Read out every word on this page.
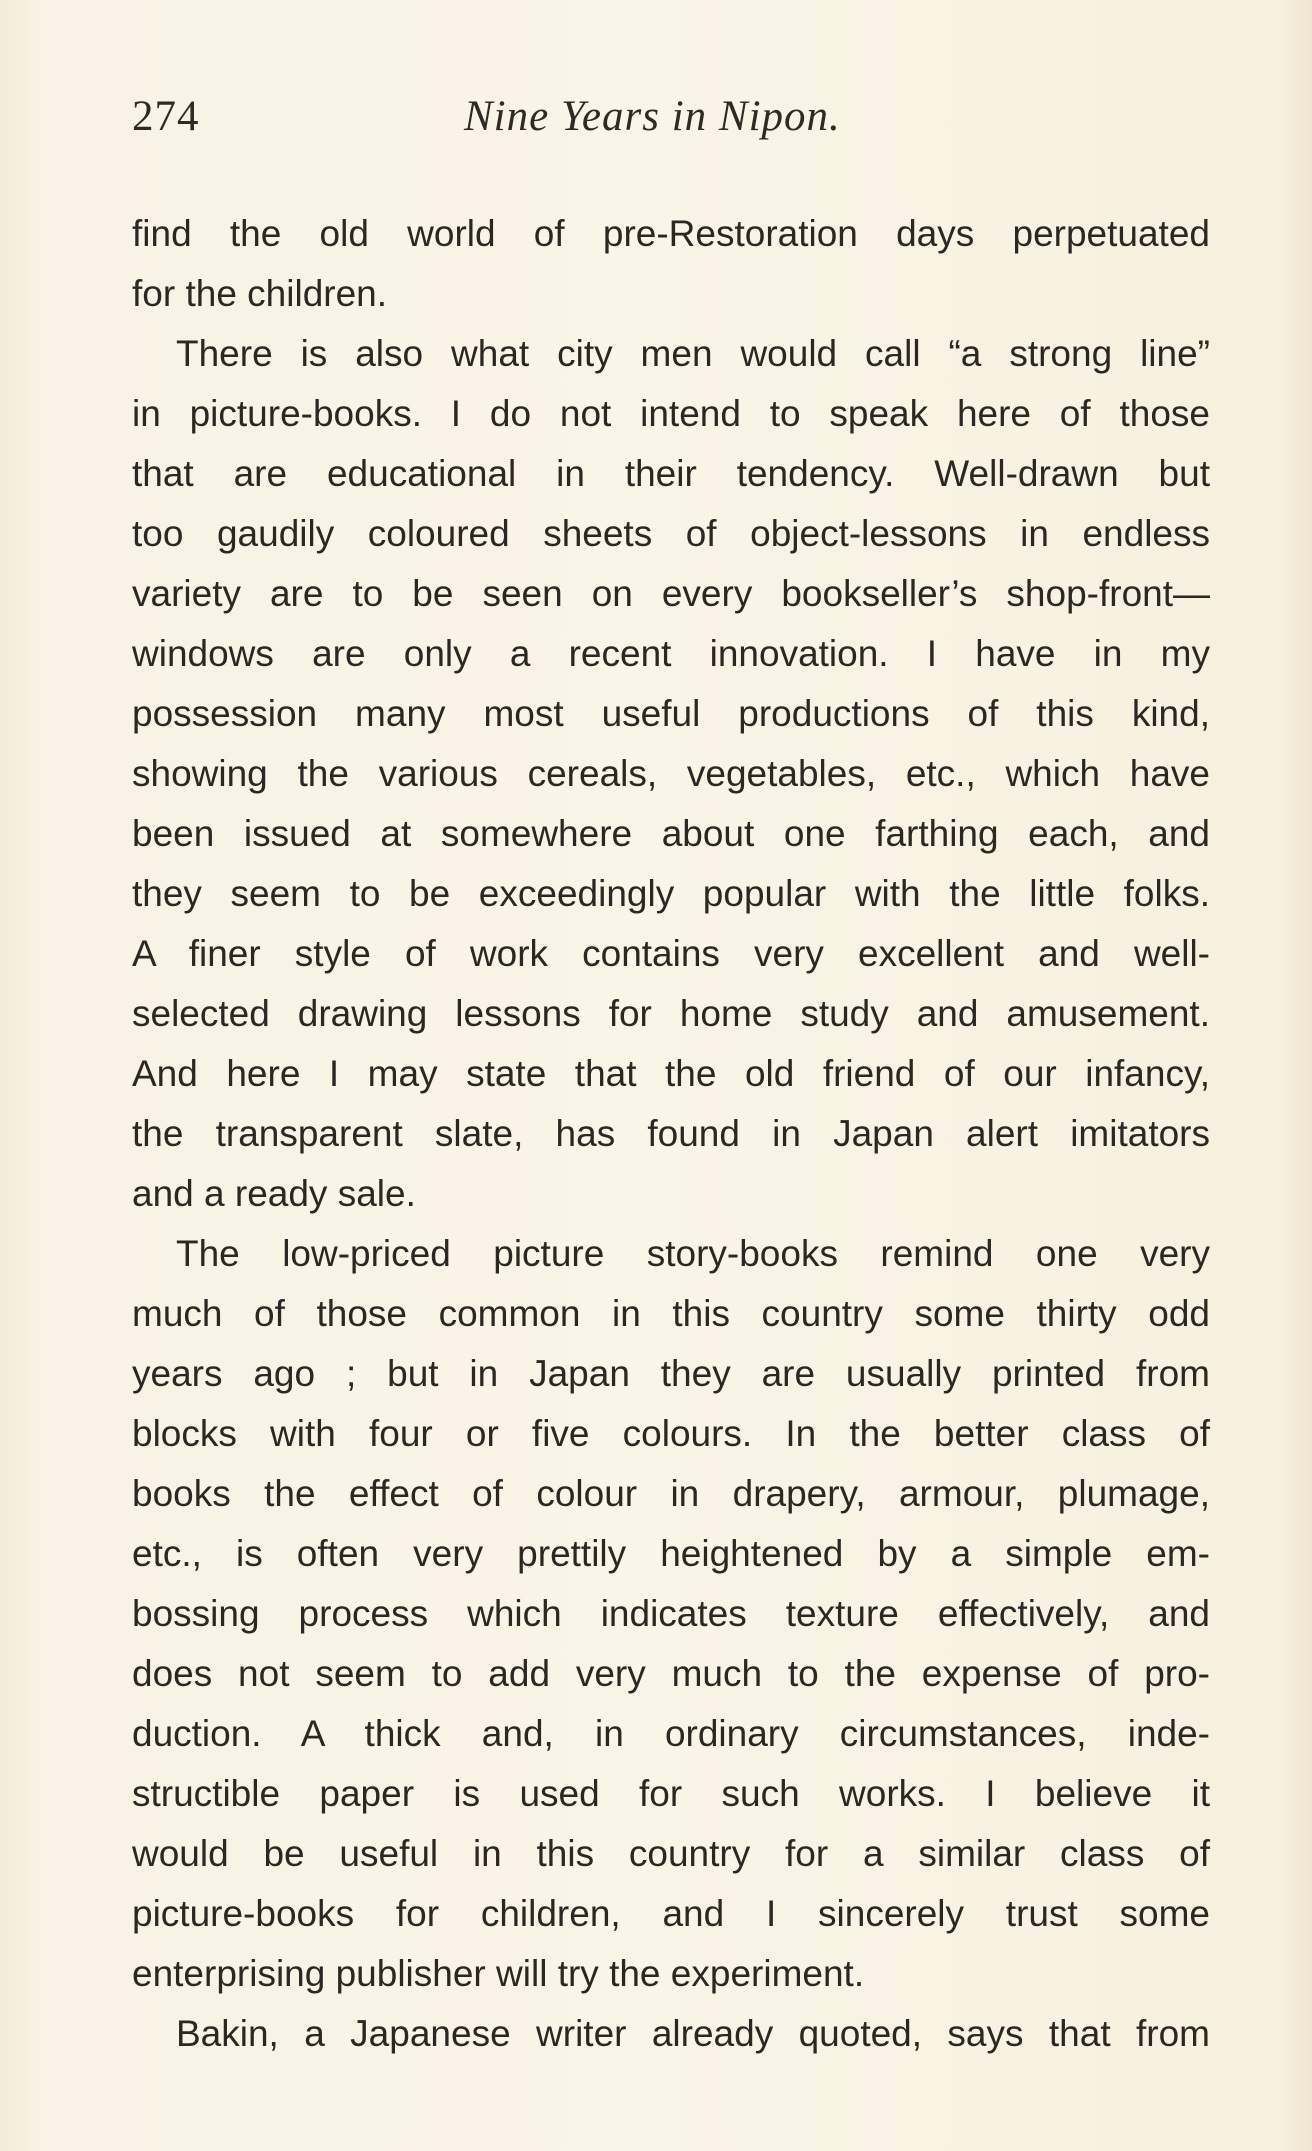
274	Nine Years in Nipon.
find the old world of pre-Restoration days perpetuated
for the children.
There is also what city men would call “a strong line”
in picture-books. I do not intend to speak here of those
that are educational in their tendency. Well-drawn but
too gaudily coloured sheets of object-lessons in endless
variety are to be seen on every bookseller’s shop-front—
windows are only a recent innovation. I have in my
possession many most useful productions of this kind,
showing the various cereals, vegetables, etc., which have
been issued at somewhere about one farthing each, and
they seem to be exceedingly popular with the little folks.
A finer style of work contains very excellent and well-
selected drawing lessons for home study and amusement.
And here I may state that the old friend of our infancy,
the transparent slate, has found in Japan alert imitators
and a ready sale.
The low-priced picture story-books remind one very
much of those common in this country some thirty odd
years ago ; but in Japan they are usually printed from
blocks with four or five colours. In the better class of
books the effect of colour in drapery, armour, plumage,
etc., is often very prettily heightened by a simple em-
bossing process which indicates texture effectively, and
does not seem to add very much to the expense of pro-
duction. A thick and, in ordinary circumstances, inde-
structible paper is used for such works. I believe it
would be useful in this country for a similar class of
picture-books for children, and I sincerely trust some
enterprising publisher will try the experiment.
Bakin, a Japanese writer already quoted, says that from
